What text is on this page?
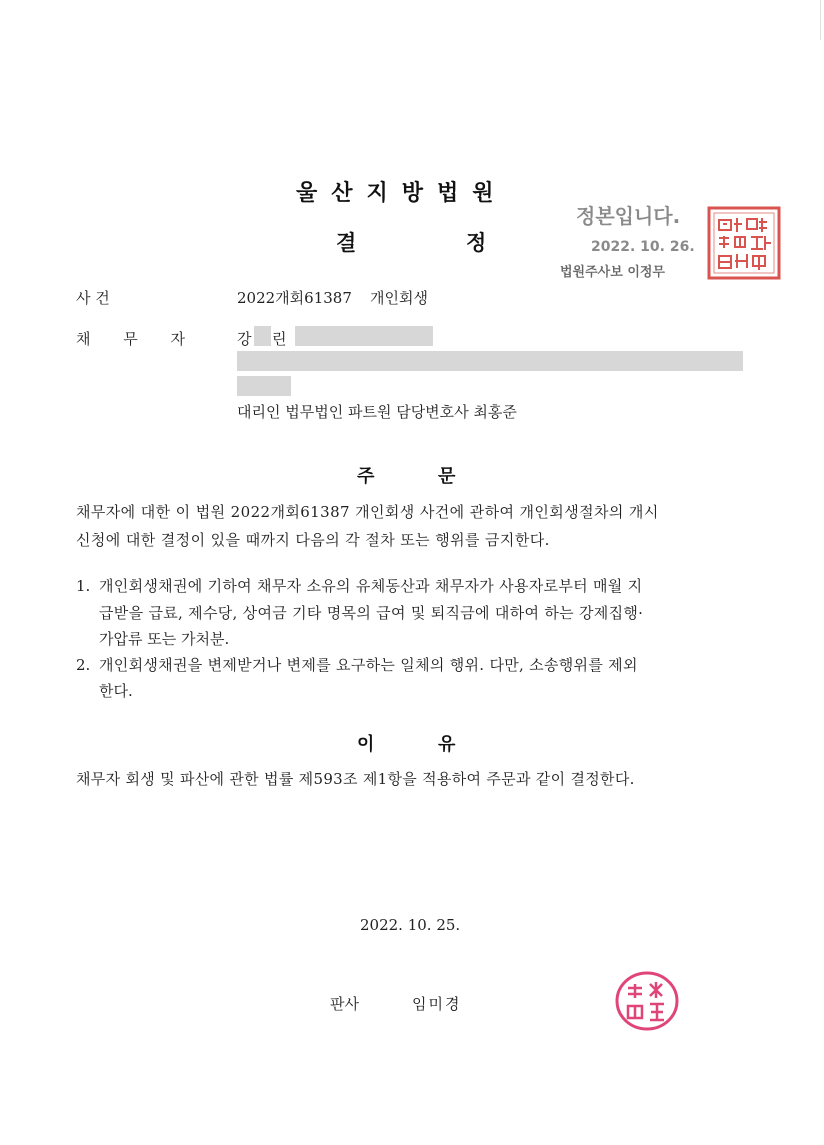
울산지방법원
결	정
정본입니다.
2022. 10. 26.
법원주사보 이정무
사 건	2022개회61387 개인회생
채 무 자	강 린
대리인 법무법인 파트원 담당변호사 최홍준
주	문
채무자에 대한 이 법원 2022개회61387 개인회생 사건에 관하여 개인회생절차의 개시
신청에 대한 결정이 있을 때까지 다음의 각 절차 또는 행위를 금지한다.
1. 개인회생채권에 기하여 채무자 소유의 유체동산과 채무자가 사용자로부터 매월 지
급받을 급료, 제수당, 상여금 기타 명목의 급여 및 퇴직금에 대하여 하는 강제집행·
가압류 또는 가처분.
2. 개인회생채권을 변제받거나 변제를 요구하는 일체의 행위. 다만, 소송행위를 제외
한다.
이	유
채무자 회생 및 파산에 관한 법률 제593조 제1항을 적용하여 주문과 같이 결정한다.
2022. 10. 25.
판사	임미경
